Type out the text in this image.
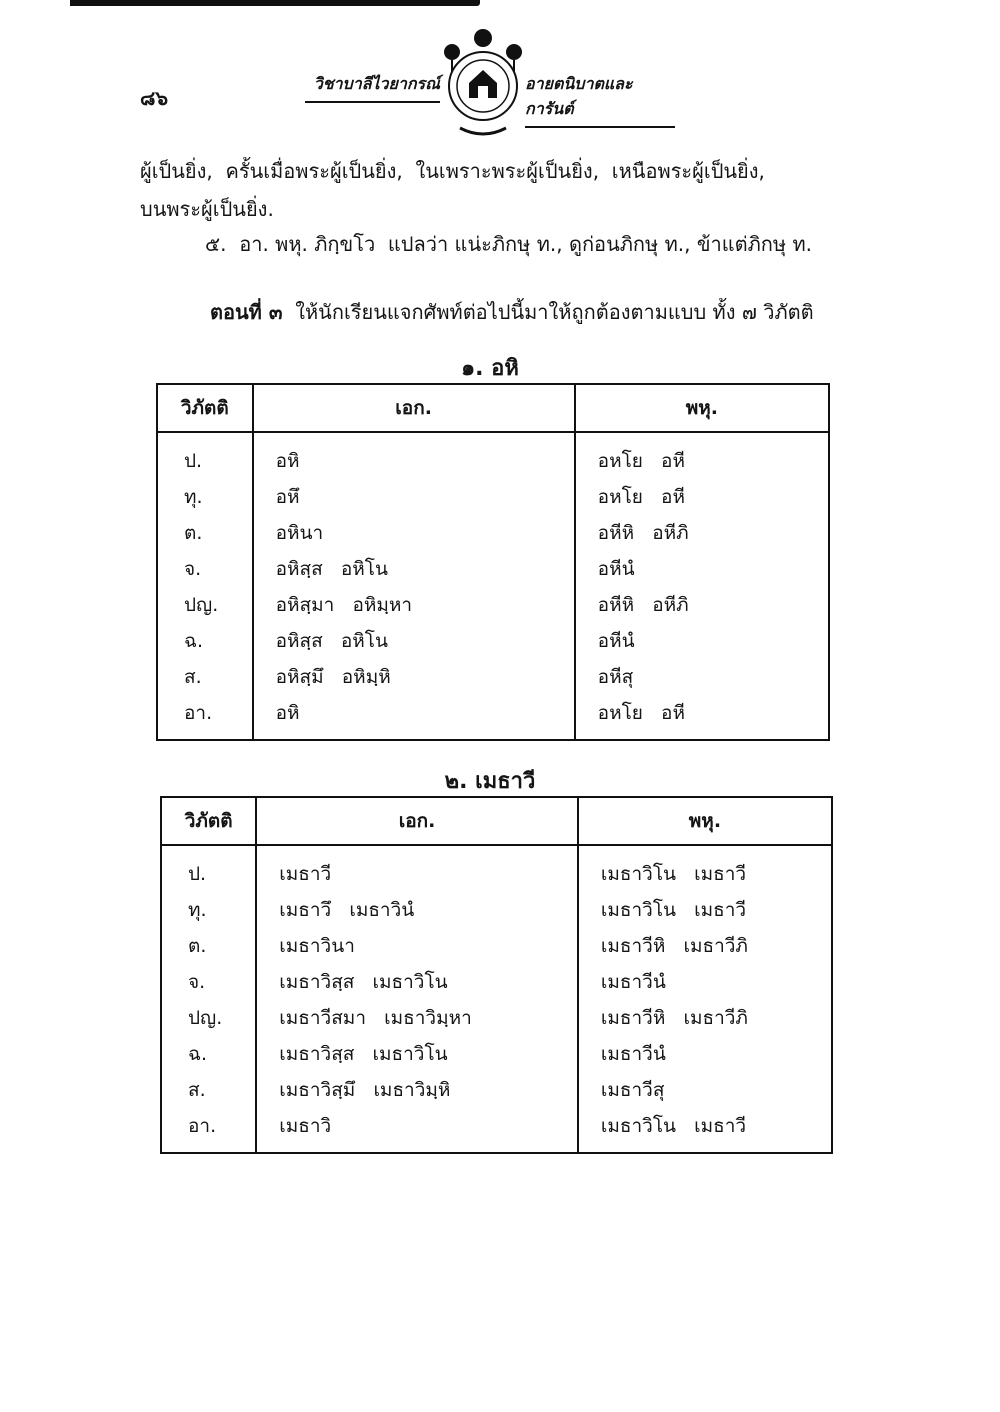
๘๖
วิชาบาลีไวยากรณ์	อายตนิบาตและการันต์
ผู้เป็นยิ่ง,  ครั้นเมื่อพระผู้เป็นยิ่ง,  ในเพราะพระผู้เป็นยิ่ง,  เหนือพระผู้เป็นยิ่ง,
บนพระผู้เป็นยิ่ง.
๕.  อา. พหุ. ภิกฺขโว  แปลว่า แน่ะภิกษุ ท., ดูก่อนภิกษุ ท., ข้าแต่ภิกษุ ท.
ตอนที่ ๓  ให้นักเรียนแจกศัพท์ต่อไปนี้มาให้ถูกต้องตามแบบ ทั้ง ๗ วิภัตติ
๑. อหิ
วิภัตติ	เอก.	พหุ.
ป.	อหิ	อหโย   อหี
ทุ.	อหึ	อหโย   อหี
ต.	อหินา	อหีหิ   อหีภิ
จ.	อหิสฺส   อหิโน	อหีนํ
ปญ.	อหิสฺมา   อหิมฺหา	อหีหิ   อหีภิ
ฉ.	อหิสฺส   อหิโน	อหีนํ
ส.	อหิสฺมึ   อหิมฺหิ	อหีสุ
อา.	อหิ	อหโย   อหี
๒. เมธาวี
วิภัตติ	เอก.	พหุ.
ป.	เมธาวี	เมธาวิโน   เมธาวี
ทุ.	เมธาวึ   เมธาวินํ	เมธาวิโน   เมธาวี
ต.	เมธาวินา	เมธาวีหิ   เมธาวีภิ
จ.	เมธาวิสฺส   เมธาวิโน	เมธาวีนํ
ปญ.	เมธาวีสมา   เมธาวิมฺหา	เมธาวีหิ   เมธาวีภิ
ฉ.	เมธาวิสฺส   เมธาวิโน	เมธาวีนํ
ส.	เมธาวิสฺมึ   เมธาวิมฺหิ	เมธาวีสุ
อา.	เมธาวิ	เมธาวิโน   เมธาวี
